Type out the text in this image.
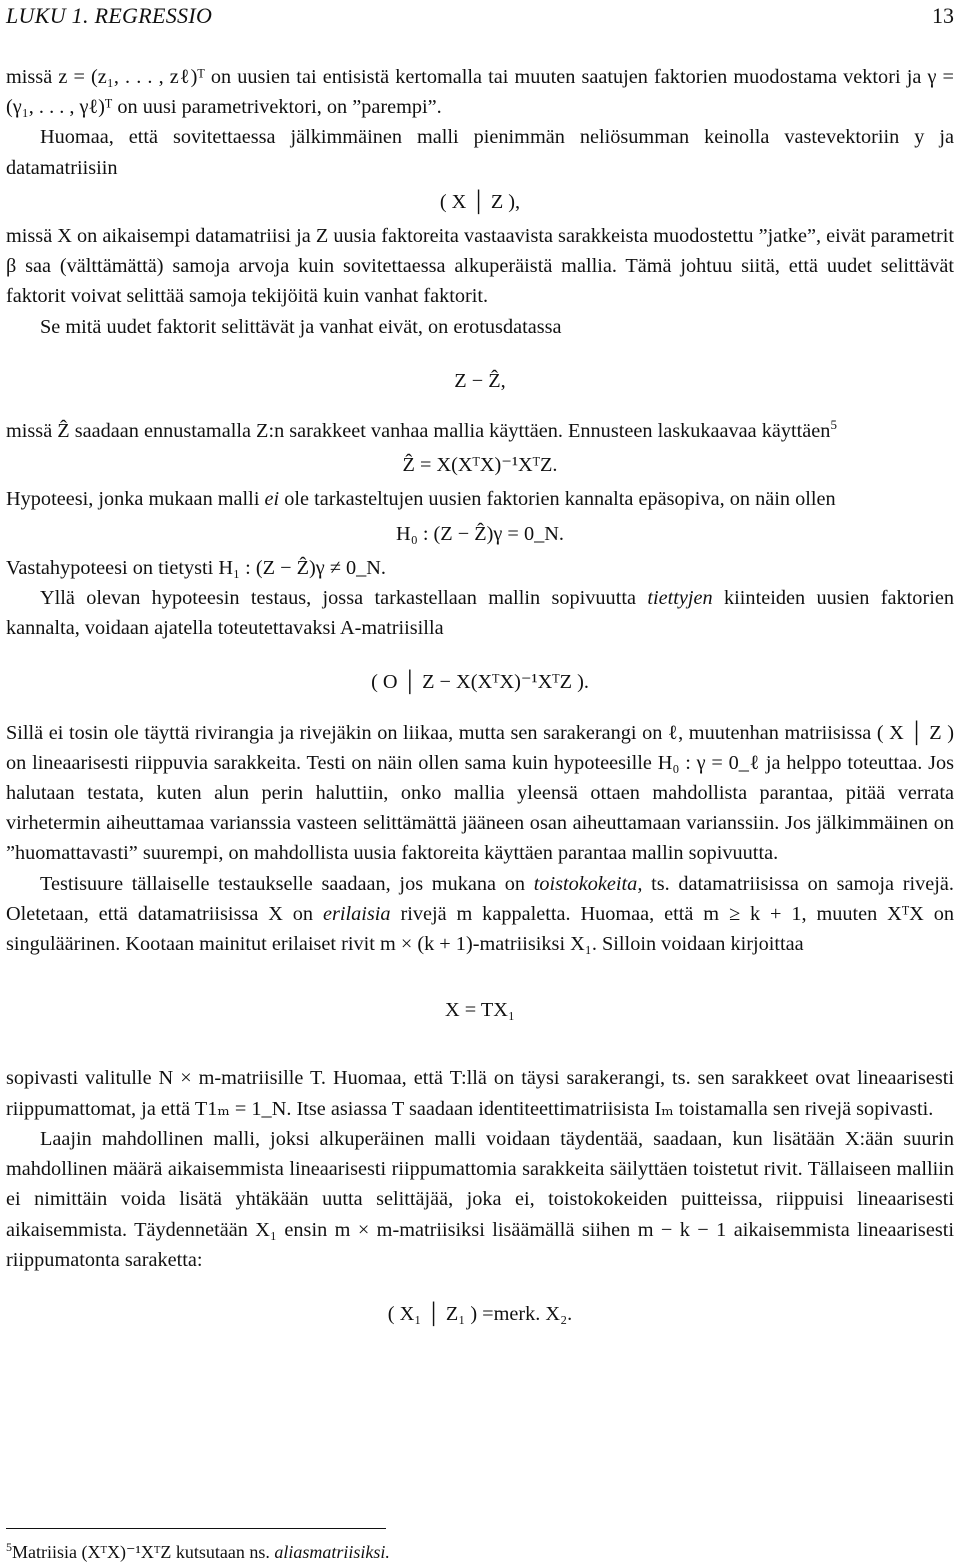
LUKU 1. REGRESSIO	13

missä z = (z₁, . . . , zℓ)ᵀ on uusien tai entisistä kertomalla tai muuten saatujen faktorien muodostama vektori ja γ = (γ₁, . . . , γℓ)ᵀ on uusi parametrivektori, on ”parempi”.

Huomaa, että sovitettaessa jälkimmäinen malli pienimmän neliösumman keinolla vastevektoriin y ja datamatriisiin

( X │ Z ),

missä X on aikaisempi datamatriisi ja Z uusia faktoreita vastaavista sarakkeista muodostettu ”jatke”, eivät parametrit β saa (välttämättä) samoja arvoja kuin sovitettaessa alkuperäistä mallia. Tämä johtuu siitä, että uudet selittävät faktorit voivat selittää samoja tekijöitä kuin vanhat faktorit.

Se mitä uudet faktorit selittävät ja vanhat eivät, on erotusdatassa

Z − Ẑ,

missä Ẑ saadaan ennustamalla Z:n sarakkeet vanhaa mallia käyttäen. Ennusteen laskukaavaa käyttäen$^5$

Ẑ = X(XᵀX)⁻¹XᵀZ.

Hypoteesi, jonka mukaan malli ei ole tarkasteltujen uusien faktorien kannalta epäsopiva, on näin ollen

H₀ : (Z − Ẑ)γ = 0_N.

Vastahypoteesi on tietysti H₁ : (Z − Ẑ)γ ≠ 0_N.

Yllä olevan hypoteesin testaus, jossa tarkastellaan mallin sopivuutta tiettyjen kiinteiden uusien faktorien kannalta, voidaan ajatella toteutettavaksi A-matriisilla

( O │ Z − X(XᵀX)⁻¹XᵀZ ).

Sillä ei tosin ole täyttä rivirangia ja rivejäkin on liikaa, mutta sen sarakerangi on ℓ, muutenhan matriisissa ( X │ Z ) on lineaarisesti riippuvia sarakkeita. Testi on näin ollen sama kuin hypoteesille H₀ : γ = 0_ℓ ja helppo toteuttaa. Jos halutaan testata, kuten alun perin haluttiin, onko mallia yleensä ottaen mahdollista parantaa, pitää verrata virhetermin aiheuttamaa varianssia vasteen selittämättä jääneen osan aiheuttamaan varianssiin. Jos jälkimmäinen on ”huomattavasti” suurempi, on mahdollista uusia faktoreita käyttäen parantaa mallin sopivuutta.

Testisuure tällaiselle testaukselle saadaan, jos mukana on toistokokeita, ts. datamatriisissa on samoja rivejä. Oletetaan, että datamatriisissa X on erilaisia rivejä m kappaletta. Huomaa, että m ≥ k + 1, muuten XᵀX on singuläärinen. Kootaan mainitut erilaiset rivit m × (k + 1)-matriisiksi X₁. Silloin voidaan kirjoittaa

X = TX₁

sopivasti valitulle N × m-matriisille T. Huomaa, että T:llä on täysi sarakerangi, ts. sen sarakkeet ovat lineaarisesti riippumattomat, ja että T1ₘ = 1_N. Itse asiassa T saadaan identiteettimatriisista Iₘ toistamalla sen rivejä sopivasti.

Laajin mahdollinen malli, joksi alkuperäinen malli voidaan täydentää, saadaan, kun lisätään X:ään suurin mahdollinen määrä aikaisemmista lineaarisesti riippumattomia sarakkeita säilyttäen toistetut rivit. Tällaiseen malliin ei nimittäin voida lisätä yhtäkään uutta selittäjää, joka ei, toistokokeiden puitteissa, riippuisi lineaarisesti aikaisemmista. Täydennetään X₁ ensin m × m-matriisiksi lisäämällä siihen m − k − 1 aikaisemmista lineaarisesti riippumatonta saraketta:

( X₁ │ Z₁ ) =merk. X₂.

$^5$Matriisia (XᵀX)⁻¹XᵀZ kutsutaan ns. aliasmatriisiksi.
